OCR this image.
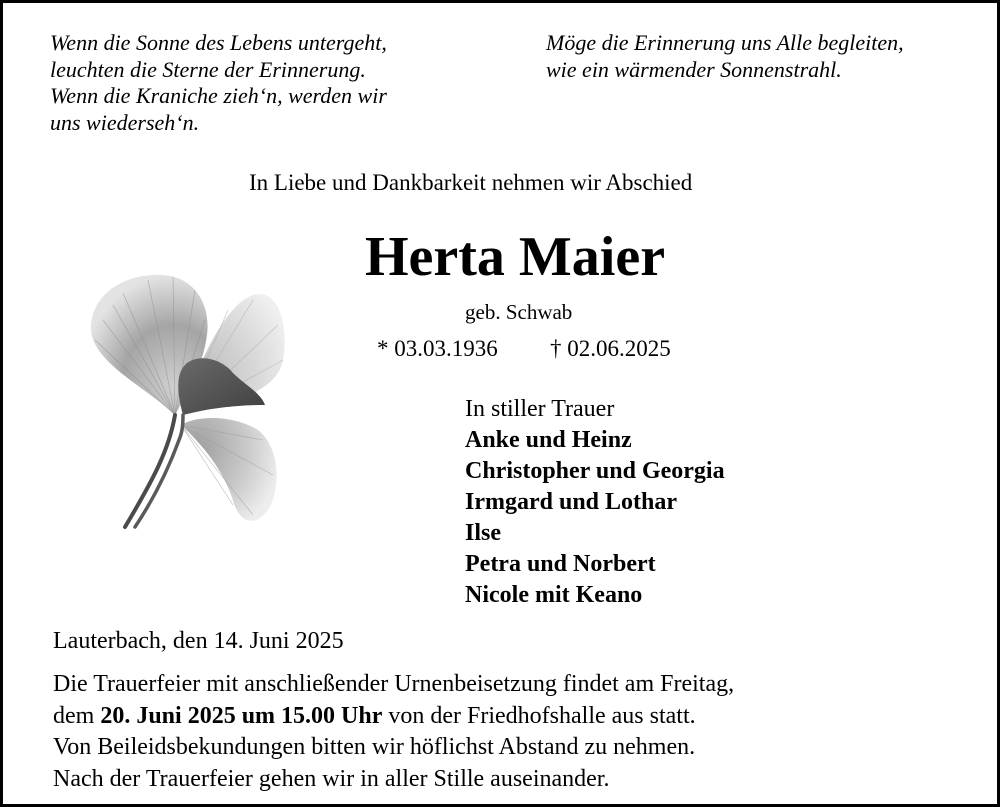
Wenn die Sonne des Lebens untergeht,
leuchten die Sterne der Erinnerung.
Wenn die Kraniche zieh‘n, werden wir
uns wiederseh‘n.
Möge die Erinnerung uns Alle begleiten,
wie ein wärmender Sonnenstrahl.
In Liebe und Dankbarkeit nehmen wir Abschied
Herta Maier
geb. Schwab
* 03.03.1936 † 02.06.2025
In stiller Trauer
Anke und Heinz
Christopher und Georgia
Irmgard und Lothar
Ilse
Petra und Norbert
Nicole mit Keano
Lauterbach, den 14. Juni 2025
Die Trauerfeier mit anschließender Urnenbeisetzung findet am Freitag,
dem 20. Juni 2025 um 15.00 Uhr von der Friedhofshalle aus statt.
Von Beileidsbekundungen bitten wir höflichst Abstand zu nehmen.
Nach der Trauerfeier gehen wir in aller Stille auseinander.
